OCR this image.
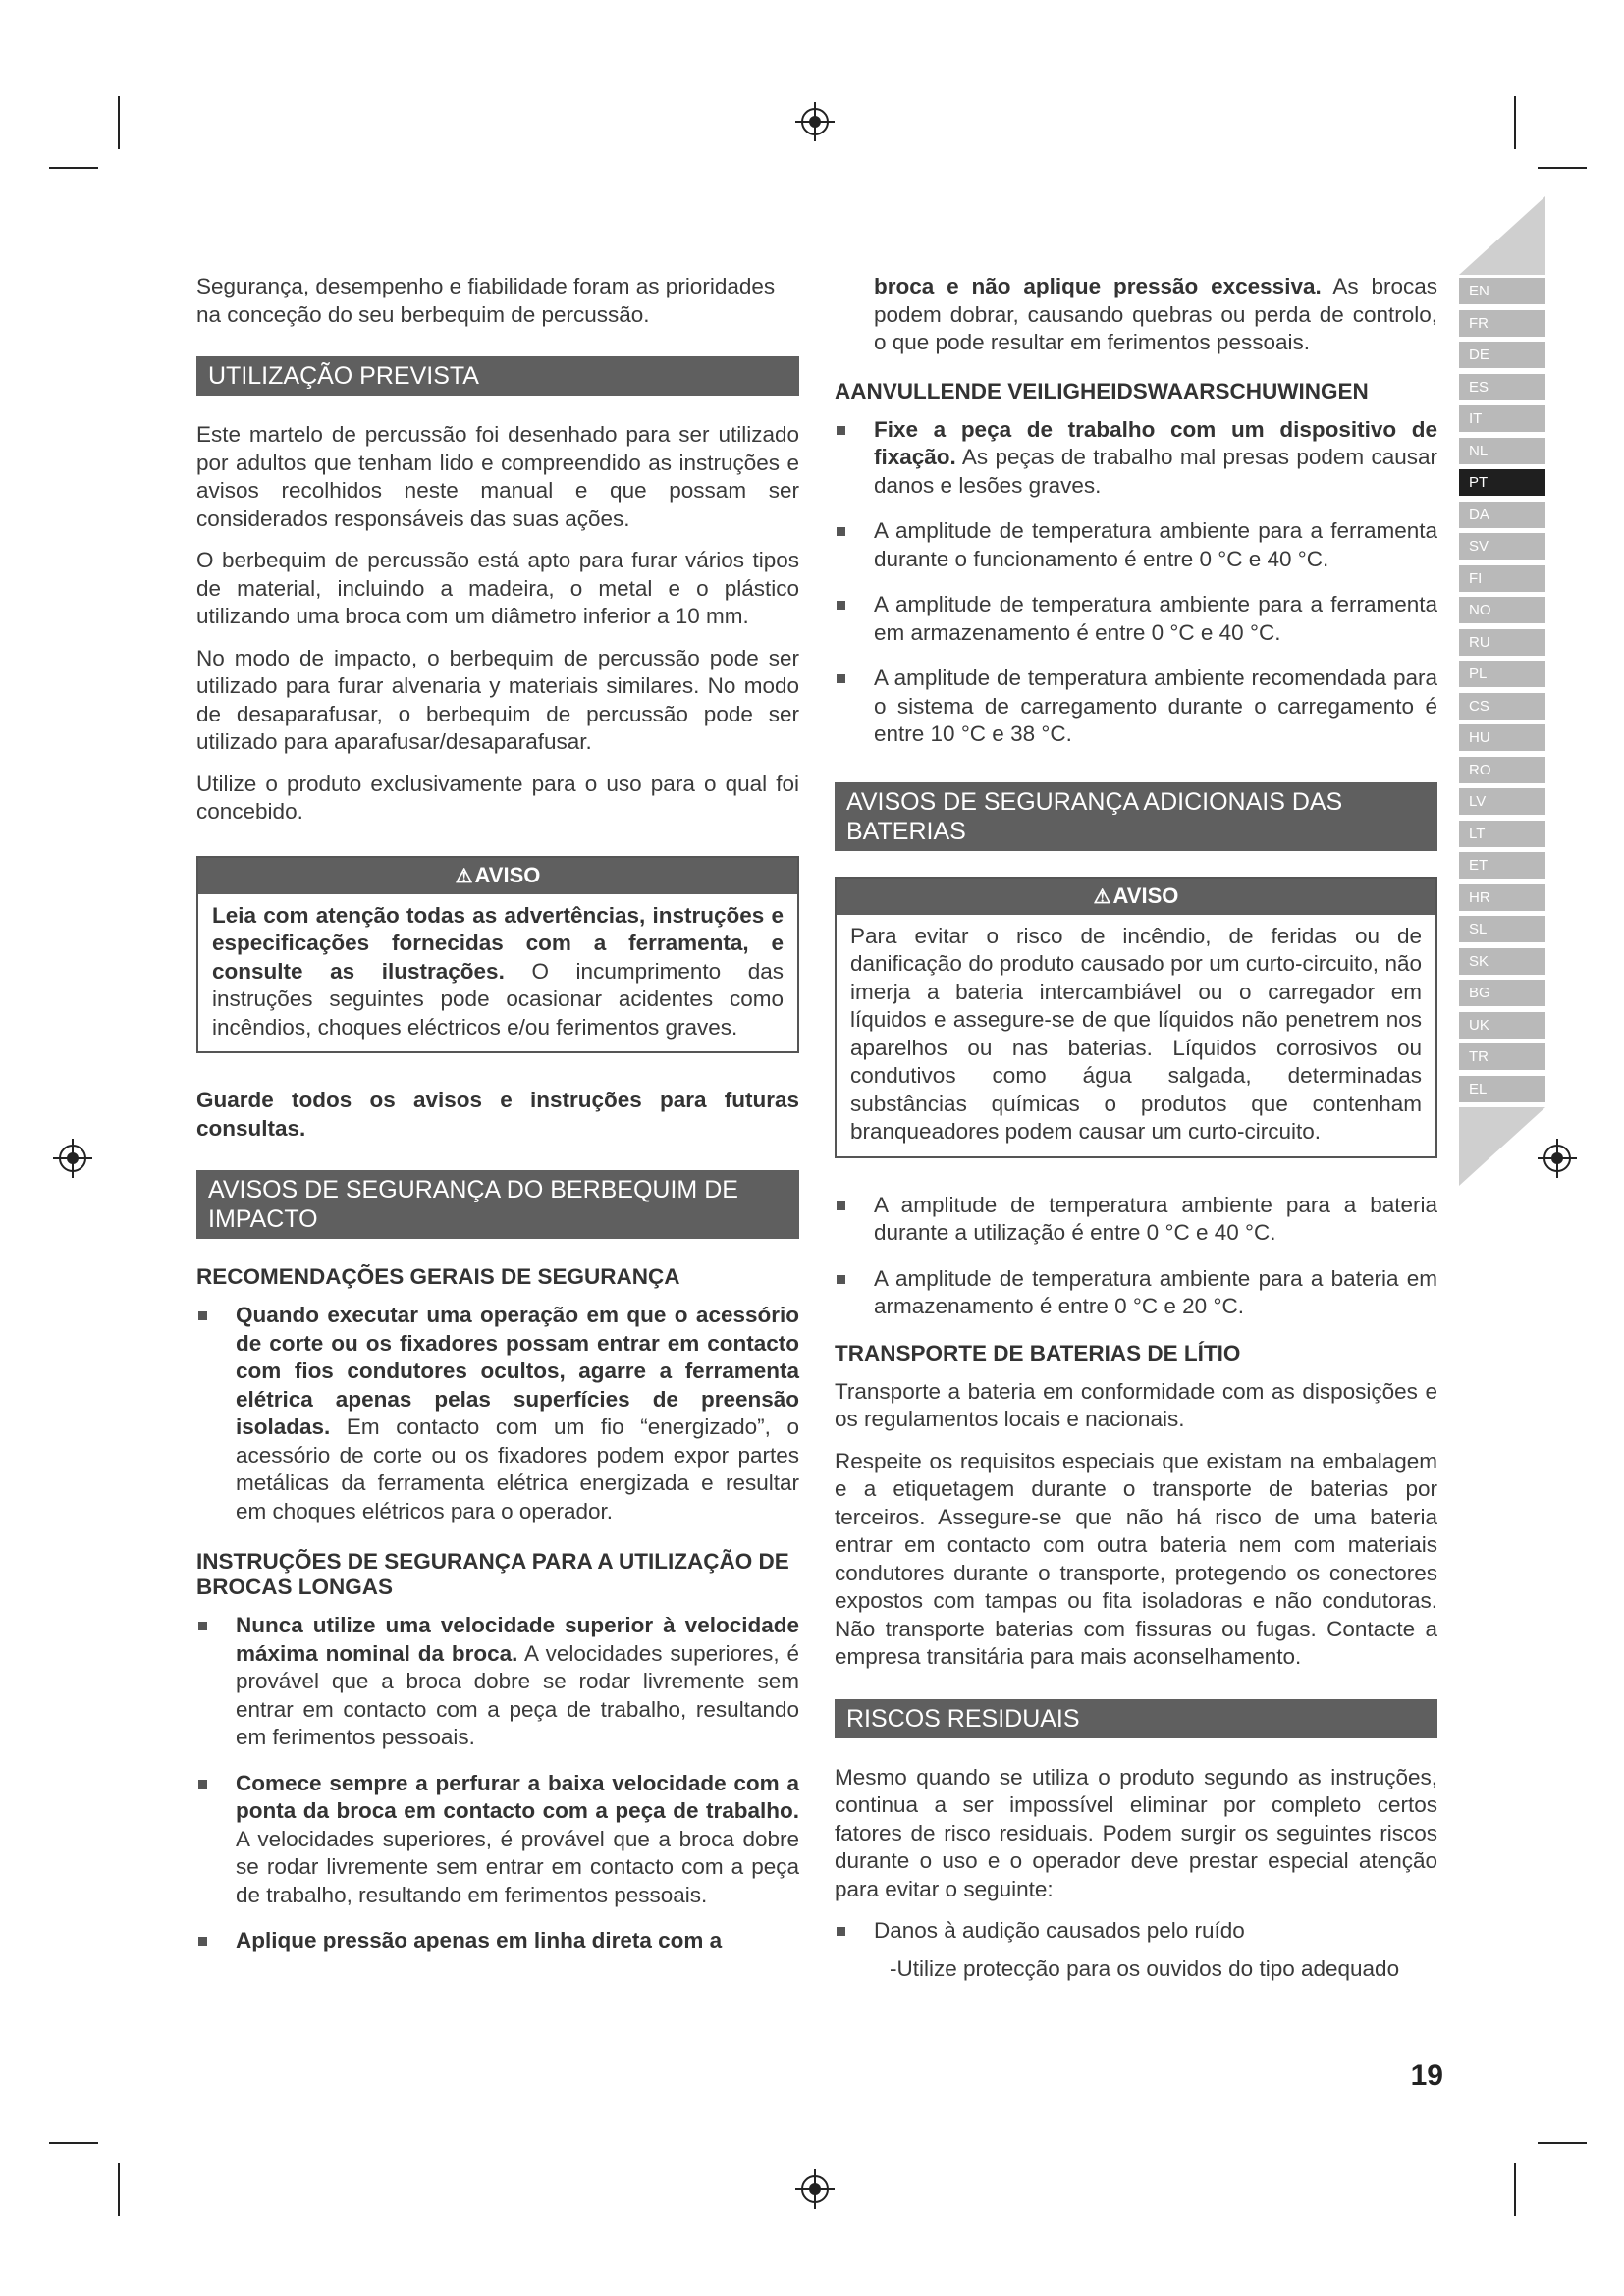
EN
FR
DE
ES
IT
NL
PT
DA
SV
FI
NO
RU
PL
CS
HU
RO
LV
LT
ET
HR
SL
SK
BG
UK
TR
EL

Segurança, desempenho e fiabilidade foram as prioridades na conceção do seu berbequim de percussão.

UTILIZAÇÃO PREVISTA

Este martelo de percussão foi desenhado para ser utilizado por adultos que tenham lido e compreendido as instruções e avisos recolhidos neste manual e que possam ser considerados responsáveis das suas ações.

O berbequim de percussão está apto para furar vários tipos de material, incluindo a madeira, o metal e o plástico utilizando uma broca com um diâmetro inferior a 10 mm.

No modo de impacto, o berbequim de percussão pode ser utilizado para furar alvenaria y materiais similares. No modo de desaparafusar, o berbequim de percussão pode ser utilizado para aparafusar/desaparafusar.

Utilize o produto exclusivamente para o uso para o qual foi concebido.

⚠AVISO
Leia com atenção todas as advertências, instruções e especificações fornecidas com a ferramenta, e consulte as ilustrações. O incumprimento das instruções seguintes pode ocasionar acidentes como incêndios, choques eléctricos e/ou ferimentos graves.

Guarde todos os avisos e instruções para futuras consultas.

AVISOS DE SEGURANÇA DO BERBEQUIM DE IMPACTO
RECOMENDAÇÕES GERAIS DE SEGURANÇA
Quando executar uma operação em que o acessório de corte ou os fixadores possam entrar em contacto com fios condutores ocultos, agarre a ferramenta elétrica apenas pelas superfícies de preensão isoladas. Em contacto com um fio “energizado”, o acessório de corte ou os fixadores podem expor partes metálicas da ferramenta elétrica energizada e resultar em choques elétricos para o operador.
INSTRUÇÕES DE SEGURANÇA PARA A UTILIZAÇÃO DE BROCAS LONGAS
Nunca utilize uma velocidade superior à velocidade máxima nominal da broca. A velocidades superiores, é provável que a broca dobre se rodar livremente sem entrar em contacto com a peça de trabalho, resultando em ferimentos pessoais.
Comece sempre a perfurar a baixa velocidade com a ponta da broca em contacto com a peça de trabalho. A velocidades superiores, é provável que a broca dobre se rodar livremente sem entrar em contacto com a peça de trabalho, resultando em ferimentos pessoais.
Aplique pressão apenas em linha direta com a

broca e não aplique pressão excessiva. As brocas podem dobrar, causando quebras ou perda de controlo, o que pode resultar em ferimentos pessoais.

AANVULLENDE VEILIGHEIDSWAARSCHUWINGEN
Fixe a peça de trabalho com um dispositivo de fixação. As peças de trabalho mal presas podem causar danos e lesões graves.
A amplitude de temperatura ambiente para a ferramenta durante o funcionamento é entre 0 °C e 40 °C.
A amplitude de temperatura ambiente para a ferramenta em armazenamento é entre 0 °C e 40 °C.
A amplitude de temperatura ambiente recomendada para o sistema de carregamento durante o carregamento é entre 10 °C e 38 °C.
AVISOS DE SEGURANÇA ADICIONAIS DAS BATERIAS
⚠AVISO
Para evitar o risco de incêndio, de feridas ou de danificação do produto causado por um curto-circuito, não imerja a bateria intercambiável ou o carregador em líquidos e assegure-se de que líquidos não penetrem nos aparelhos ou nas baterias. Líquidos corrosivos ou condutivos como água salgada, determinadas substâncias químicas o produtos que contenham branqueadores podem causar um curto-circuito.
A amplitude de temperatura ambiente para a bateria durante a utilização é entre 0 °C e 40 °C.
A amplitude de temperatura ambiente para a bateria em armazenamento é entre 0 °C e 20 °C.
TRANSPORTE DE BATERIAS DE LÍTIO

Transporte a bateria em conformidade com as disposições e os regulamentos locais e nacionais.

Respeite os requisitos especiais que existam na embalagem e a etiquetagem durante o transporte de baterias por terceiros. Assegure-se que não há risco de uma bateria entrar em contacto com outra bateria nem com materiais condutores durante o transporte, protegendo os conectores expostos com tampas ou fita isoladoras e não condutoras. Não transporte baterias com fissuras ou fugas. Contacte a empresa transitária para mais aconselhamento.

RISCOS RESIDUAIS

Mesmo quando se utiliza o produto segundo as instruções, continua a ser impossível eliminar por completo certos fatores de risco residuais. Podem surgir os seguintes riscos durante o uso e o operador deve prestar especial atenção para evitar o seguinte:

Danos à audição causados pelo ruído
-Utilize protecção para os ouvidos do tipo adequado
19
